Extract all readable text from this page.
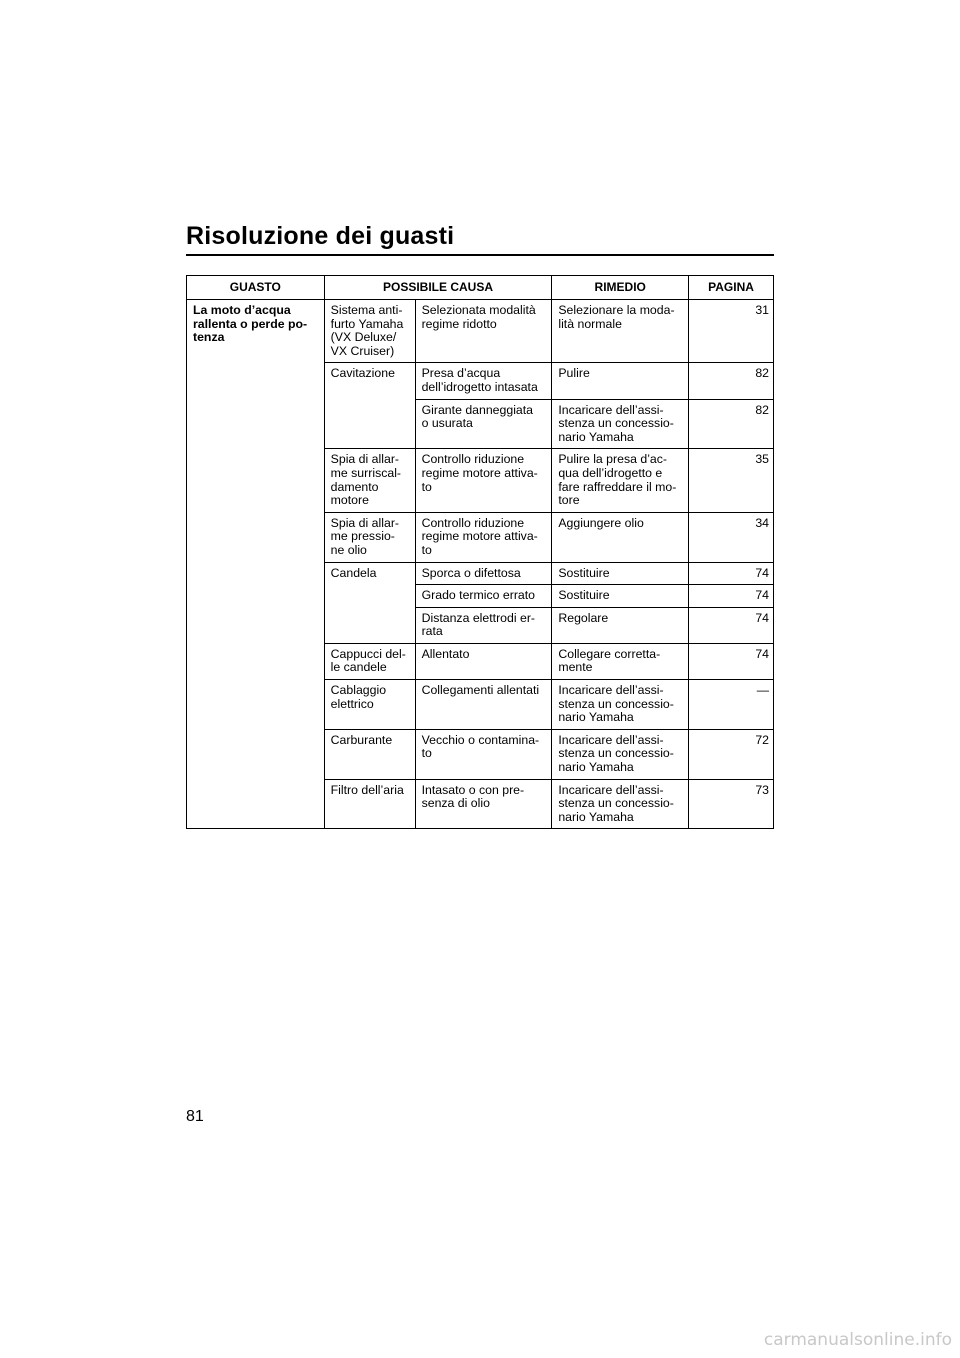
Risoluzione dei guasti
GUASTO	POSSIBILE CAUSA		RIMEDIO	PAGINA
La moto d’acqua
rallenta o perde po-
tenza	Sistema anti-
furto Yamaha
(VX Deluxe/
VX Cruiser)	Selezionata modalità
regime ridotto	Selezionare la moda-
lità normale	31
	Cavitazione	Presa d’acqua
dell’idrogetto intasata	Pulire	82
		Girante danneggiata
o usurata	Incaricare dell’assi-
stenza un concessio-
nario Yamaha	82
	Spia di allar-
me surriscal-
damento
motore	Controllo riduzione
regime motore attiva-
to	Pulire la presa d’ac-
qua dell’idrogetto e
fare raffreddare il mo-
tore	35
	Spia di allar-
me pressio-
ne olio	Controllo riduzione
regime motore attiva-
to	Aggiungere olio	34
	Candela	Sporca o difettosa	Sostituire	74
		Grado termico errato	Sostituire	74
		Distanza elettrodi er-
rata	Regolare	74
	Cappucci del-
le candele	Allentato	Collegare corretta-
mente	74
	Cablaggio
elettrico	Collegamenti allentati	Incaricare dell’assi-
stenza un concessio-
nario Yamaha	—
	Carburante	Vecchio o contamina-
to	Incaricare dell’assi-
stenza un concessio-
nario Yamaha	72
	Filtro dell’aria	Intasato o con pre-
senza di olio	Incaricare dell’assi-
stenza un concessio-
nario Yamaha	73
81
carmanualsonline.info
